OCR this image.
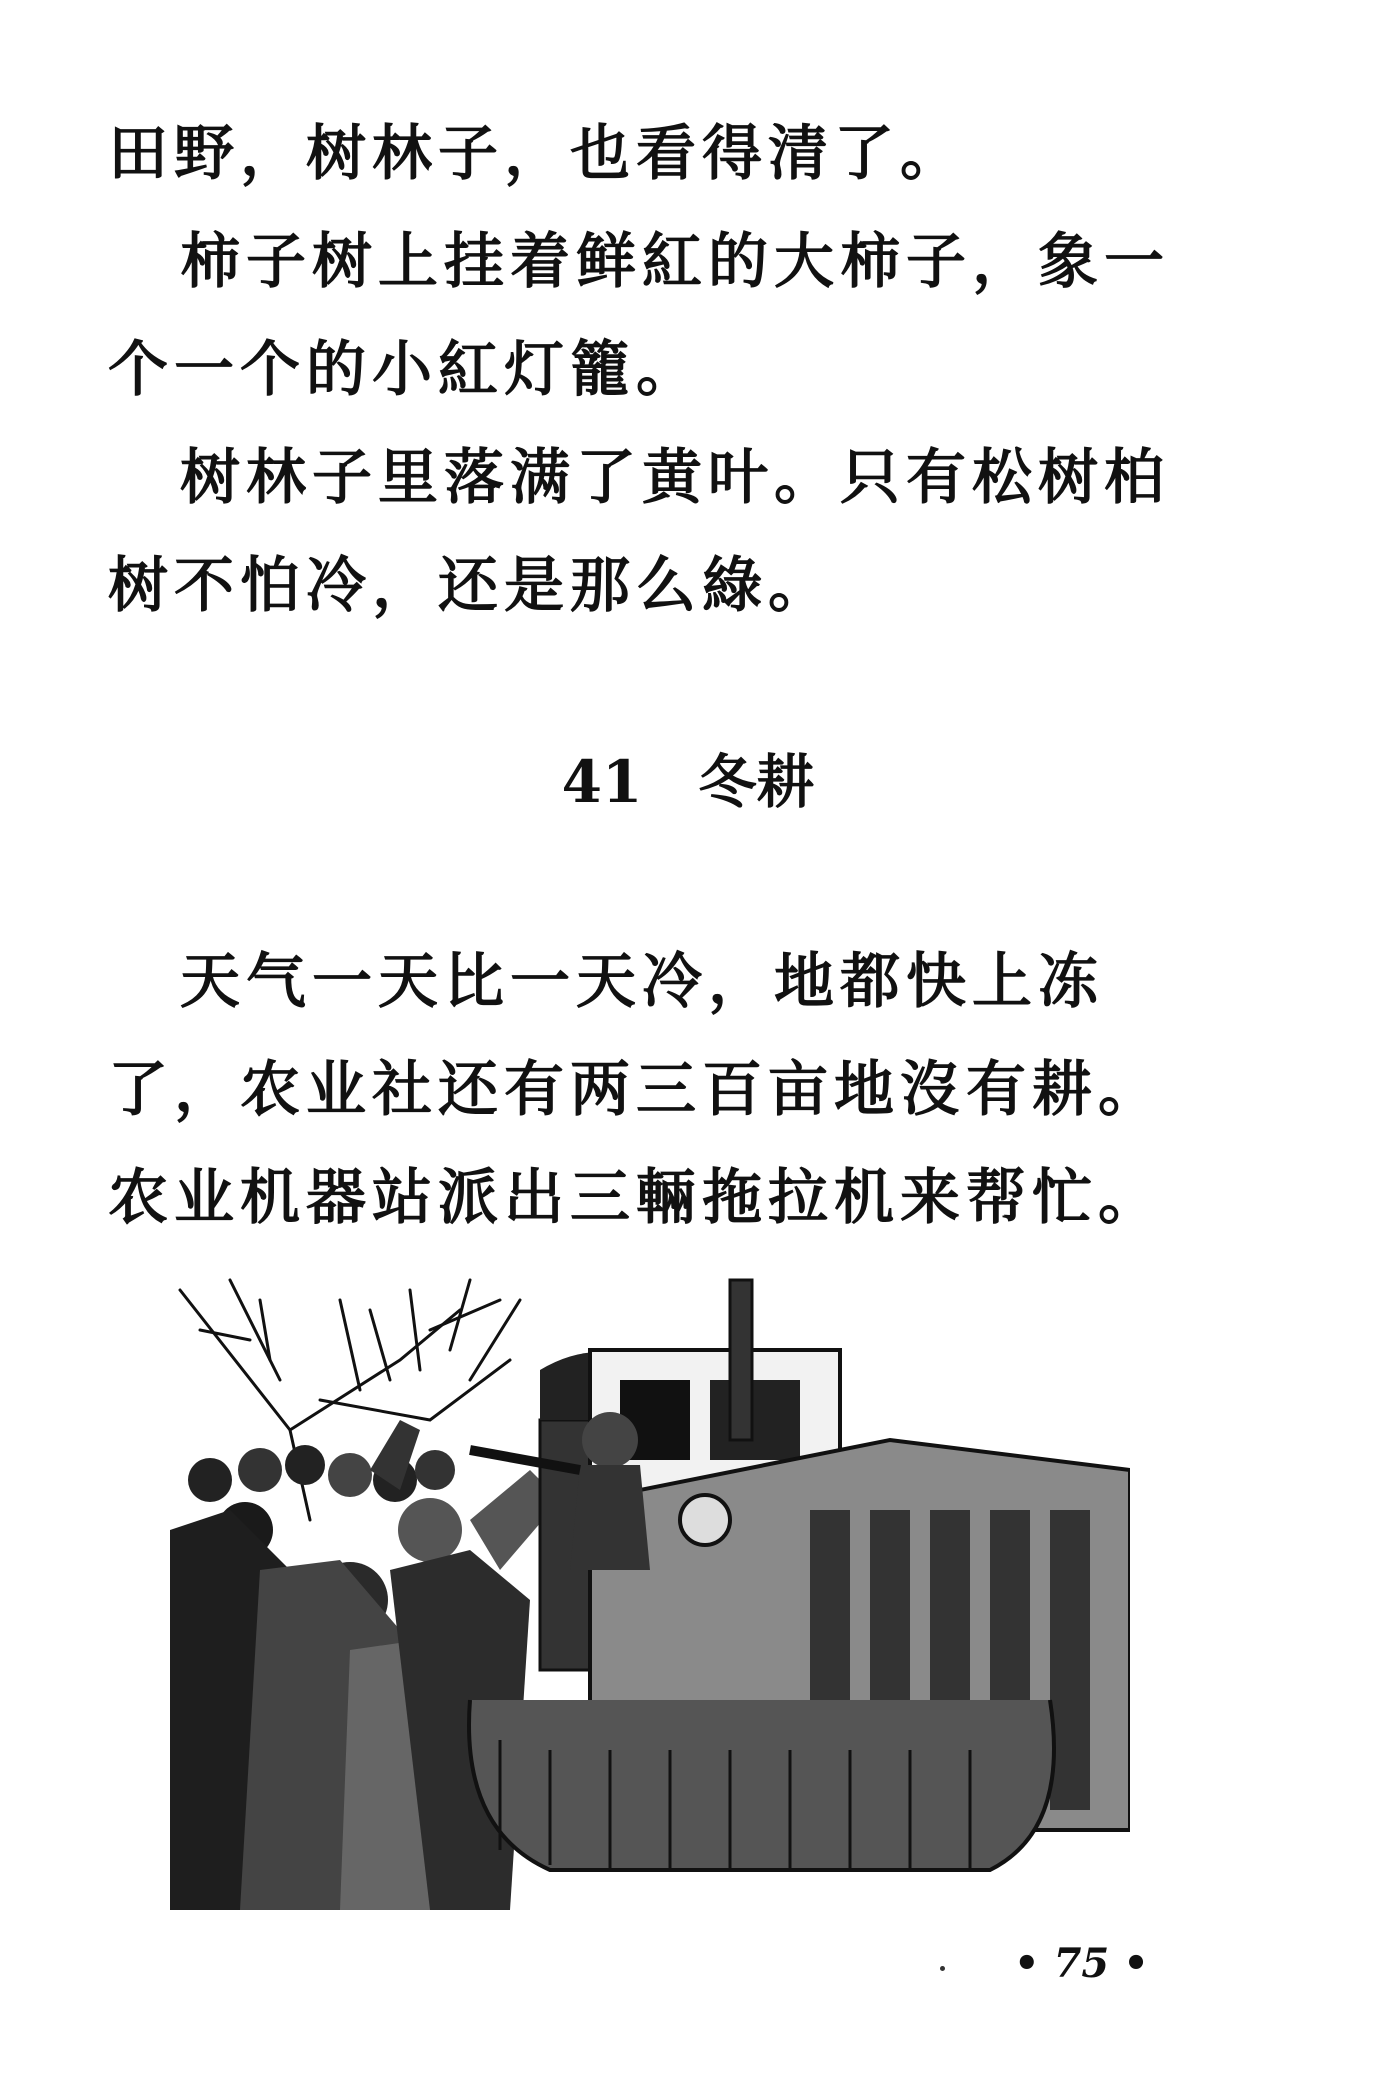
田野，树林子，也看得清了。

柿子树上挂着鲜紅的大柿子，象一个一个的小紅灯籠。

树林子里落满了黄叶。只有松树柏树不怕冷，还是那么綠。

41 冬耕

天气一天比一天冷，地都快上冻了，农业社还有两三百亩地沒有耕。农业机器站派出三輛拖拉机来帮忙。

• 75 •
